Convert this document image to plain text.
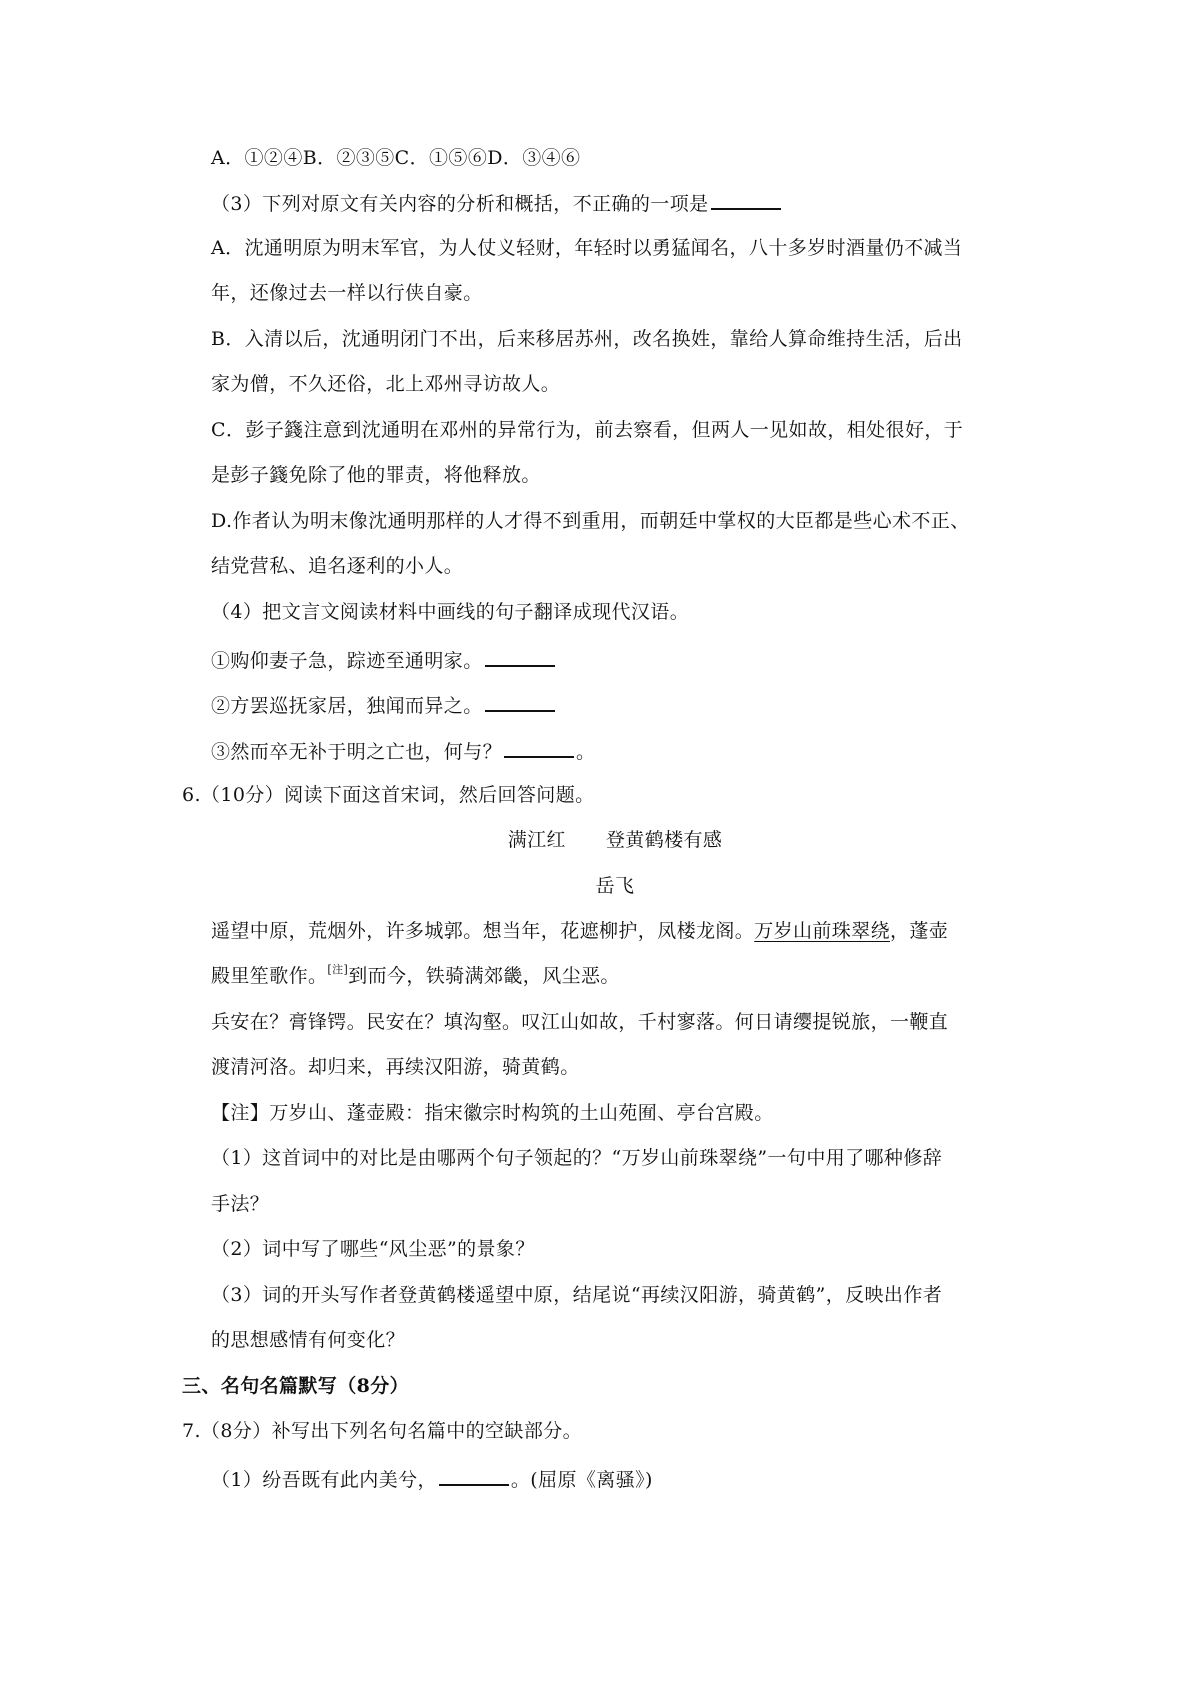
A．①②④B．②③⑤C．①⑤⑥D．③④⑥
（3）下列对原文有关内容的分析和概括，不正确的一项是
A．沈通明原为明末军官，为人仗义轻财，年轻时以勇猛闻名，八十多岁时酒量仍不减当
年，还像过去一样以行侠自豪。
B．入清以后，沈通明闭门不出，后来移居苏州，改名换姓，靠给人算命维持生活，后出
家为僧，不久还俗，北上邓州寻访故人。
C．彭子籛注意到沈通明在邓州的异常行为，前去察看，但两人一见如故，相处很好，于
是彭子籛免除了他的罪责，将他释放。
D.作者认为明末像沈通明那样的人才得不到重用，而朝廷中掌权的大臣都是些心术不正、
结党营私、追名逐利的小人。
（4）把文言文阅读材料中画线的句子翻译成现代汉语。
①购仰妻子急，踪迹至通明家。
②方罢巡抚家居，独闻而异之。
③然而卒无补于明之亡也，何与？	。
6.（10分）阅读下面这首宋词，然后回答问题。
满江红 登黄鹤楼有感
岳飞
遥望中原，荒烟外，许多城郭。想当年，花遮柳护，凤楼龙阁。万岁山前珠翠绕，蓬壶
殿里笙歌作。[注]到而今，铁骑满郊畿，风尘恶。
兵安在？膏锋锷。民安在？填沟壑。叹江山如故，千村寥落。何日请缨提锐旅，一鞭直
渡清河洛。却归来，再续汉阳游，骑黄鹤。
【注】万岁山、蓬壶殿：指宋徽宗时构筑的土山苑囿、亭台宫殿。
（1）这首词中的对比是由哪两个句子领起的？“万岁山前珠翠绕”一句中用了哪种修辞
手法？
（2）词中写了哪些“风尘恶”的景象？
（3）词的开头写作者登黄鹤楼遥望中原，结尾说“再续汉阳游，骑黄鹤”，反映出作者
的思想感情有何变化？
三、名句名篇默写（8分）
7.（8分）补写出下列名句名篇中的空缺部分。
（1）纷吾既有此内美兮，	。(屈原《离骚》)
